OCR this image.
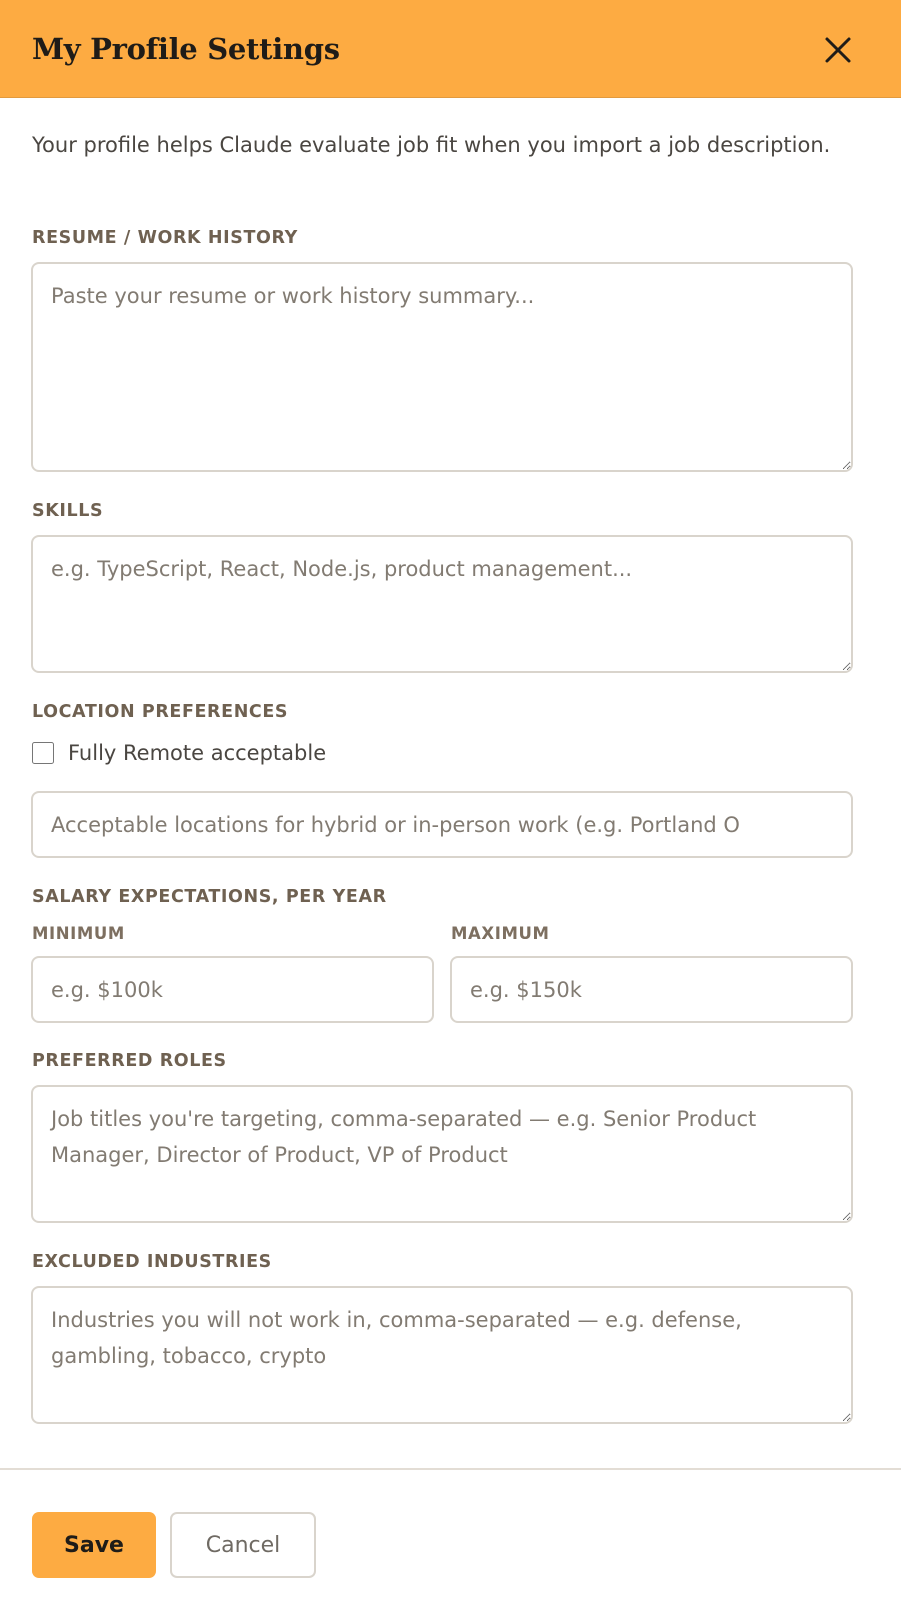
My Profile Settings
Your profile helps Claude evaluate job fit when you import a job description.
RESUME / WORK HISTORY
Paste your resume or work history summary...
SKILLS
e.g. TypeScript, React, Node.js, product management...
LOCATION PREFERENCES
Fully Remote acceptable
Acceptable locations for hybrid or in-person work (e.g. Portland O
SALARY EXPECTATIONS, PER YEAR
MINIMUM	MAXIMUM
e.g. $100k
e.g. $150k
PREFERRED ROLES
Job titles you're targeting, comma-separated — e.g. Senior Product Manager, Director of Product, VP of Product
EXCLUDED INDUSTRIES
Industries you will not work in, comma-separated — e.g. defense, gambling, tobacco, crypto
Save	Cancel
